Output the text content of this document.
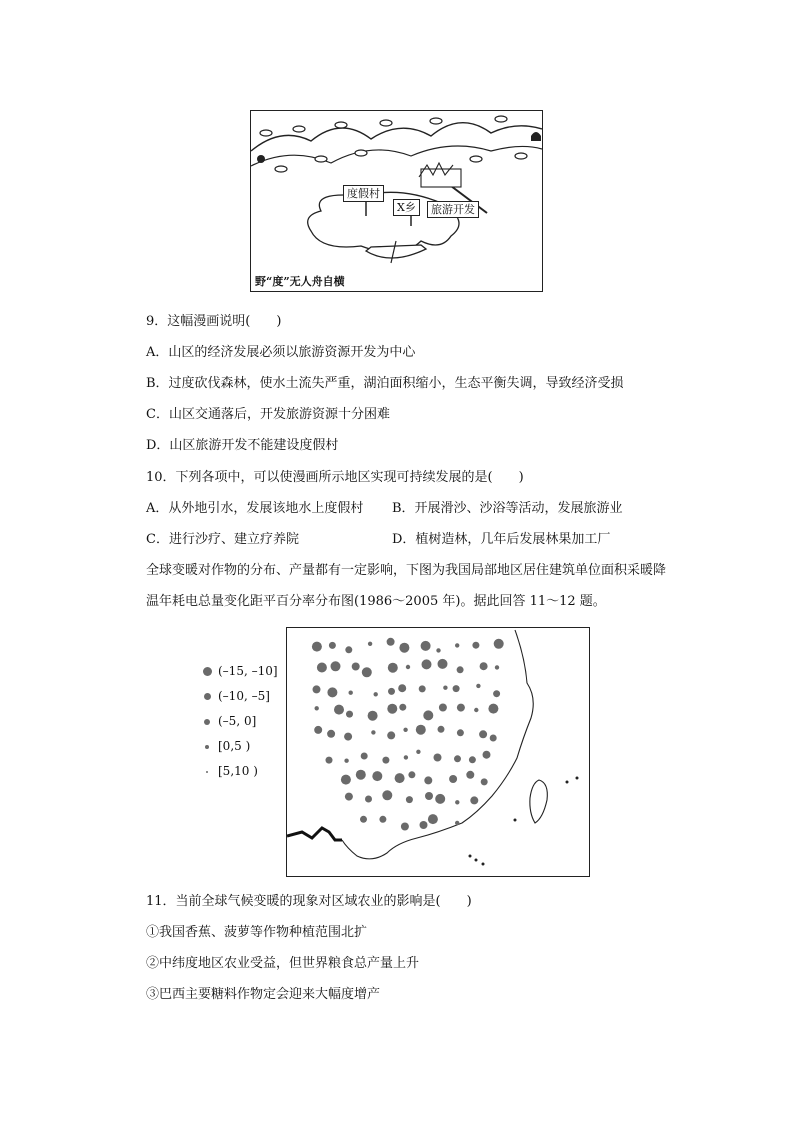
度假村
X乡	旅游开发
野“度”无人舟自横
9．这幅漫画说明(　　)
A．山区的经济发展必须以旅游资源开发为中心
B．过度砍伐森林，使水土流失严重，湖泊面积缩小，生态平衡失调，导致经济受损
C．山区交通落后，开发旅游资源十分困难
D．山区旅游开发不能建设度假村
10．下列各项中，可以使漫画所示地区实现可持续发展的是(　　)
A．从外地引水，发展该地水上度假村 B．开展滑沙、沙浴等活动，发展旅游业
C．进行沙疗、建立疗养院	D．植树造林，几年后发展林果加工厂
全球变暖对作物的分布、产量都有一定影响，下图为我国局部地区居住建筑单位面积采暖降
温年耗电总量变化距平百分率分布图(1986～2005 年)。据此回答 11～12 题。
(–15, –10]
(–10, –5]
(–5, 0]
[0,5 )
[5,10 )
11．当前全球气候变暖的现象对区域农业的影响是(　　)
①我国香蕉、菠萝等作物种植范围北扩
②中纬度地区农业受益，但世界粮食总产量上升
③巴西主要糖料作物定会迎来大幅度增产
